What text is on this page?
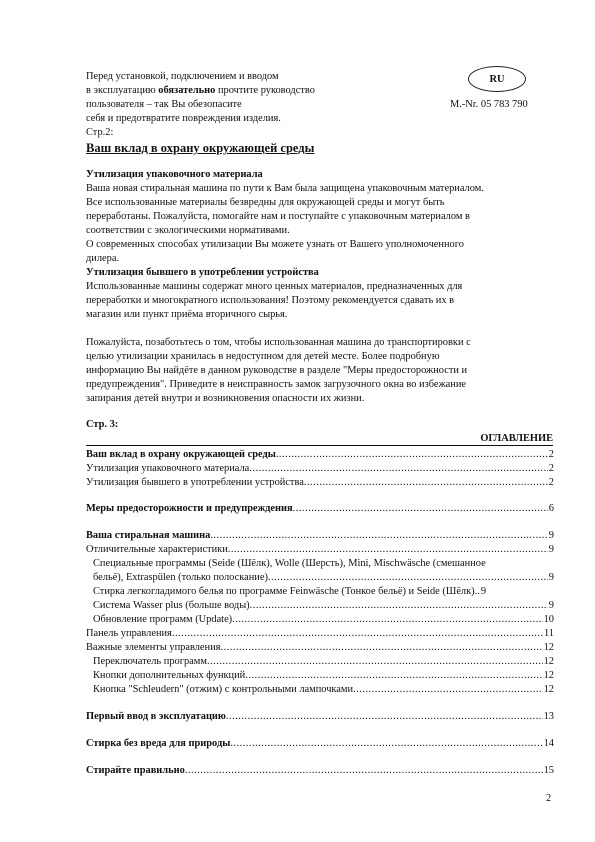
Перед установкой, подключением и вводом
в эксплуатацию обязательно прочтите руководство
пользователя – так Вы обезопасите
себя и предотвратите повреждения изделия.
Стр.2:
RU
M.-Nr. 05 783 790
Ваш вклад в охрану окружающей среды
Утилизация упаковочного материала
Ваша новая стиральная машина по пути к Вам была защищена упаковочным материалом.
Все использованные материалы безвредны для окружающей среды и могут быть
переработаны. Пожалуйста, помогайте нам и поступайте с упаковочным материалом в
соответствии с экологическими нормативами.
О современных способах утилизации Вы можете узнать от Вашего уполномоченного
дилера.
Утилизация бывшего в употреблении устройства
Использованные машины содержат много ценных материалов, предназначенных для
переработки и многократного использования! Поэтому рекомендуется сдавать их в
магазин или пункт приёма вторичного сырья.
Пожалуйста, позаботьтесь о том, чтобы использованная машина до транспортировки с
целью утилизации хранилась в недоступном для детей месте. Более подробную
информацию Вы найдёте в данном руководстве в разделе "Меры предосторожности и
предупреждения". Приведите в неисправность замок загрузочного окна во избежание
запирания детей внутри и возникновения опасности их жизни.
Стр. 3:
ОГЛАВЛЕНИЕ
Ваш вклад в охрану окружающей среды .....	2
Утилизация упаковочного материала .....	2
Утилизация бывшего в употреблении устройства .....	2
Меры предосторожности и предупреждения .....	6
Ваша стиральная машина .....	9
Отличительные характеристики .....	9
Специальные программы (Seide (Шёлк), Wolle (Шерсть), Mini, Mischwäsche (смешанное
бельё), Extraspülen (только полоскание) .....	9
Стирка легкогладимого белья по программе Feinwäsche (Тонкое бельё) и Seide (Шёлк).. 9
Система Wasser plus (больше воды) .....	9
Обновление программ (Update) .....	10
Панель управления .....	11
Важные элементы управления .....	12
Переключатель программ .....	12
Кнопки дополнительных функций .....	12
Кнопка "Schleudern" (отжим) с контрольными лампочками .....	12
Первый ввод в эксплуатацию .....	13
Стирка без вреда для природы .....	14
Стирайте правильно .....	15
2
